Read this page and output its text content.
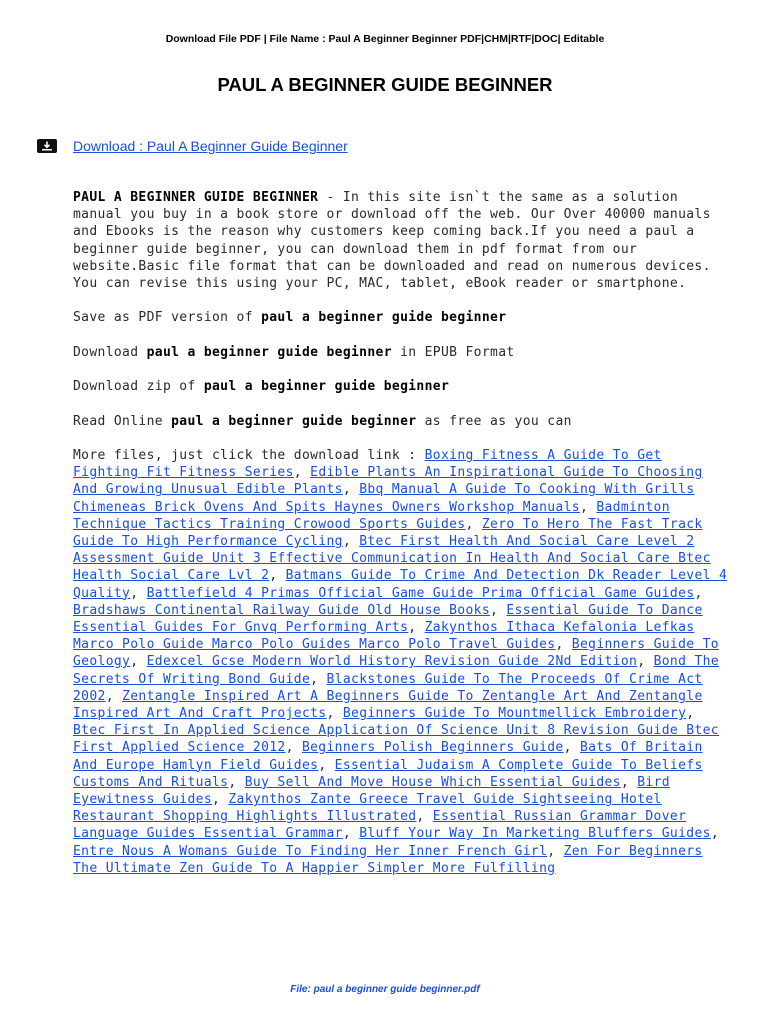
Download File PDF | File Name : Paul A Beginner Beginner PDF|CHM|RTF|DOC| Editable
PAUL A BEGINNER GUIDE BEGINNER
Download : Paul A Beginner Guide Beginner

PAUL A BEGINNER GUIDE BEGINNER - In this site isn`t the same as a solution manual you buy in a book store or download off the web. Our Over 40000 manuals and Ebooks is the reason why customers keep coming back.If you need a paul a beginner guide beginner, you can download them in pdf format from our website.Basic file format that can be downloaded and read on numerous devices. You can revise this using your PC, MAC, tablet, eBook reader or smartphone.

Save as PDF version of paul a beginner guide beginner

Download paul a beginner guide beginner in EPUB Format

Download zip of paul a beginner guide beginner

Read Online paul a beginner guide beginner as free as you can

More files, just click the download link : Boxing Fitness A Guide To Get Fighting Fit Fitness Series, Edible Plants An Inspirational Guide To Choosing And Growing Unusual Edible Plants, Bbq Manual A Guide To Cooking With Grills Chimeneas Brick Ovens And Spits Haynes Owners Workshop Manuals, Badminton Technique Tactics Training Crowood Sports Guides, Zero To Hero The Fast Track Guide To High Performance Cycling, Btec First Health And Social Care Level 2 Assessment Guide Unit 3 Effective Communication In Health And Social Care Btec Health Social Care Lvl 2, Batmans Guide To Crime And Detection Dk Reader Level 4 Quality, Battlefield 4 Primas Official Game Guide Prima Official Game Guides, Bradshaws Continental Railway Guide Old House Books, Essential Guide To Dance Essential Guides For Gnvq Performing Arts, Zakynthos Ithaca Kefalonia Lefkas Marco Polo Guide Marco Polo Guides Marco Polo Travel Guides, Beginners Guide To Geology, Edexcel Gcse Modern World History Revision Guide 2Nd Edition, Bond The Secrets Of Writing Bond Guide, Blackstones Guide To The Proceeds Of Crime Act 2002, Zentangle Inspired Art A Beginners Guide To Zentangle Art And Zentangle Inspired Art And Craft Projects, Beginners Guide To Mountmellick Embroidery, Btec First In Applied Science Application Of Science Unit 8 Revision Guide Btec First Applied Science 2012, Beginners Polish Beginners Guide, Bats Of Britain And Europe Hamlyn Field Guides, Essential Judaism A Complete Guide To Beliefs Customs And Rituals, Buy Sell And Move House Which Essential Guides, Bird Eyewitness Guides, Zakynthos Zante Greece Travel Guide Sightseeing Hotel Restaurant Shopping Highlights Illustrated, Essential Russian Grammar Dover Language Guides Essential Grammar, Bluff Your Way In Marketing Bluffers Guides, Entre Nous A Womans Guide To Finding Her Inner French Girl, Zen For Beginners The Ultimate Zen Guide To A Happier Simpler More Fulfilling

File: paul a beginner guide beginner.pdf
